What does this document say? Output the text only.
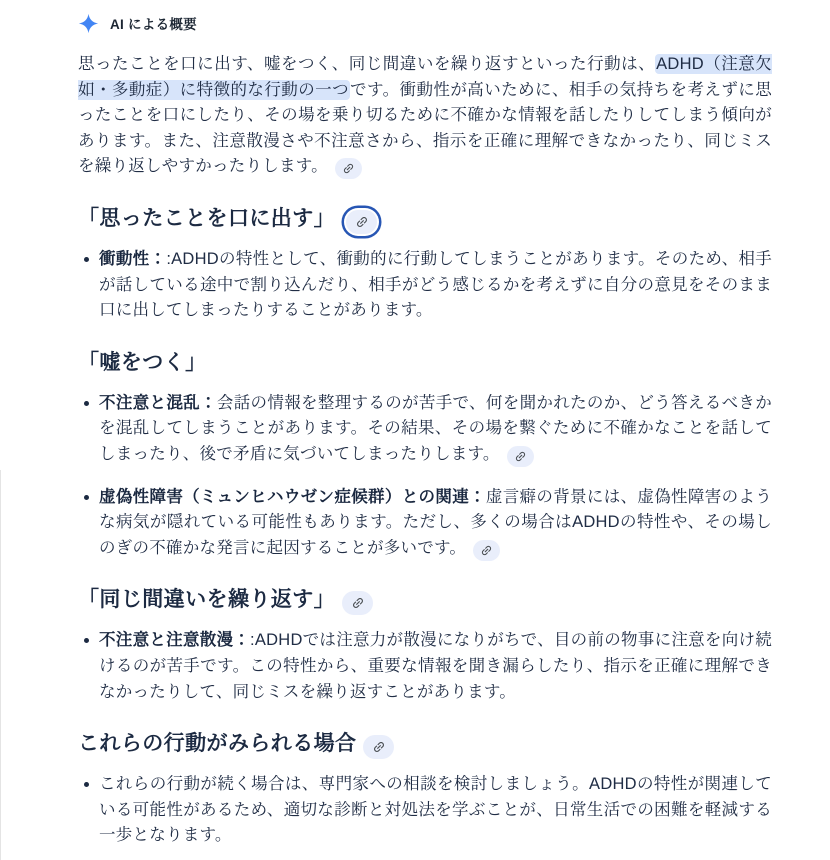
AI による概要

思ったことを口に出す、嘘をつく、同じ間違いを繰り返すといった行動は、ADHD（注意欠如・多動症）に特徴的な行動の一つです。衝動性が高いために、相手の気持ちを考えずに思ったことを口にしたり、その場を乗り切るために不確かな情報を話したりしてしまう傾向があります。また、注意散漫さや不注意さから、指示を正確に理解できなかったり、同じミスを繰り返しやすかったりします。

「思ったことを口に出す」
衝動性：:ADHDの特性として、衝動的に行動してしまうことがあります。そのため、相手が話している途中で割り込んだり、相手がどう感じるかを考えずに自分の意見をそのまま口に出してしまったりすることがあります。
「嘘をつく」
不注意と混乱：会話の情報を整理するのが苦手で、何を聞かれたのか、どう答えるべきかを混乱してしまうことがあります。その結果、その場を繋ぐために不確かなことを話してしまったり、後で矛盾に気づいてしまったりします。
虚偽性障害（ミュンヒハウゼン症候群）との関連：虚言癖の背景には、虚偽性障害のような病気が隠れている可能性もあります。ただし、多くの場合はADHDの特性や、その場しのぎの不確かな発言に起因することが多いです。
「同じ間違いを繰り返す」
不注意と注意散漫：:ADHDでは注意力が散漫になりがちで、目の前の物事に注意を向け続けるのが苦手です。この特性から、重要な情報を聞き漏らしたり、指示を正確に理解できなかったりして、同じミスを繰り返すことがあります。
これらの行動がみられる場合
これらの行動が続く場合は、専門家への相談を検討しましょう。ADHDの特性が関連している可能性があるため、適切な診断と対処法を学ぶことが、日常生活での困難を軽減する一歩となります。
